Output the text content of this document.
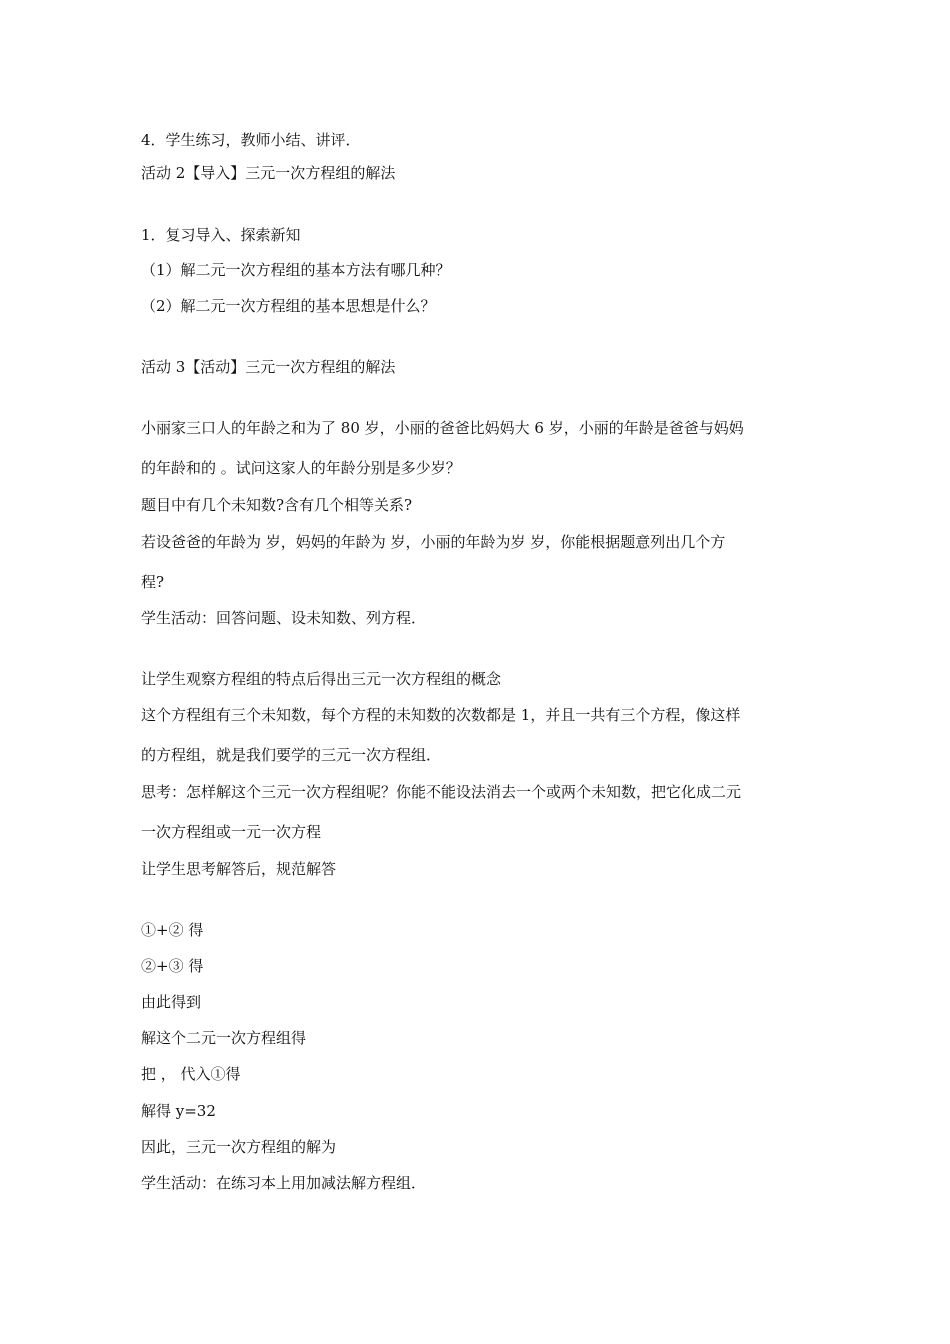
4．学生练习，教师小结、讲评．
活动 2【导入】三元一次方程组的解法
1．复习导入、探索新知
（1）解二元一次方程组的基本方法有哪几种？
（2）解二元一次方程组的基本思想是什么？
活动 3【活动】三元一次方程组的解法
小丽家三口人的年龄之和为了 80 岁，小丽的爸爸比妈妈大 6 岁，小丽的年龄是爸爸与妈妈
的年龄和的 。试问这家人的年龄分别是多少岁？
题目中有几个未知数?含有几个相等关系?
若设爸爸的年龄为 岁，妈妈的年龄为 岁，小丽的年龄为岁 岁，你能根据题意列出几个方
程?
学生活动：回答问题、设未知数、列方程．
让学生观察方程组的特点后得出三元一次方程组的概念
这个方程组有三个未知数，每个方程的未知数的次数都是 1，并且一共有三个方程，像这样
的方程组，就是我们要学的三元一次方程组．
思考：怎样解这个三元一次方程组呢？你能不能设法消去一个或两个未知数，把它化成二元
一次方程组或一元一次方程
让学生思考解答后，规范解答
①+② 得
②+③ 得
由此得到
解这个二元一次方程组得
把 ， 代入①得
解得 y=32
因此，三元一次方程组的解为
学生活动：在练习本上用加减法解方程组．
